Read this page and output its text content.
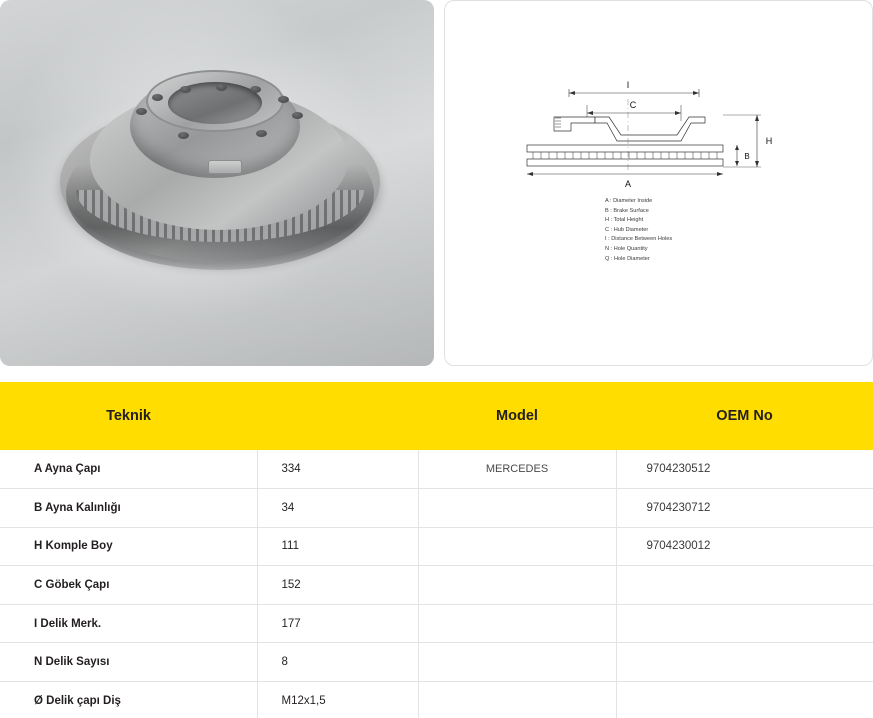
I
C
A
H
B
A : Diameter Inside
B : Brake Surface
H : Total Height
C : Hub Diameter
I : Distance Between Holes
N : Hole Quantity
Q : Hole Diameter
Teknik		Model	OEM No
A Ayna Çapı	334	MERCEDES	9704230512
B Ayna Kalınlığı	34		9704230712
H Komple Boy	111		9704230012
C Göbek Çapı	152		
I Delik Merk.	177		
N Delik Sayısı	8		
Ø Delik çapı Diş	M12x1,5		
